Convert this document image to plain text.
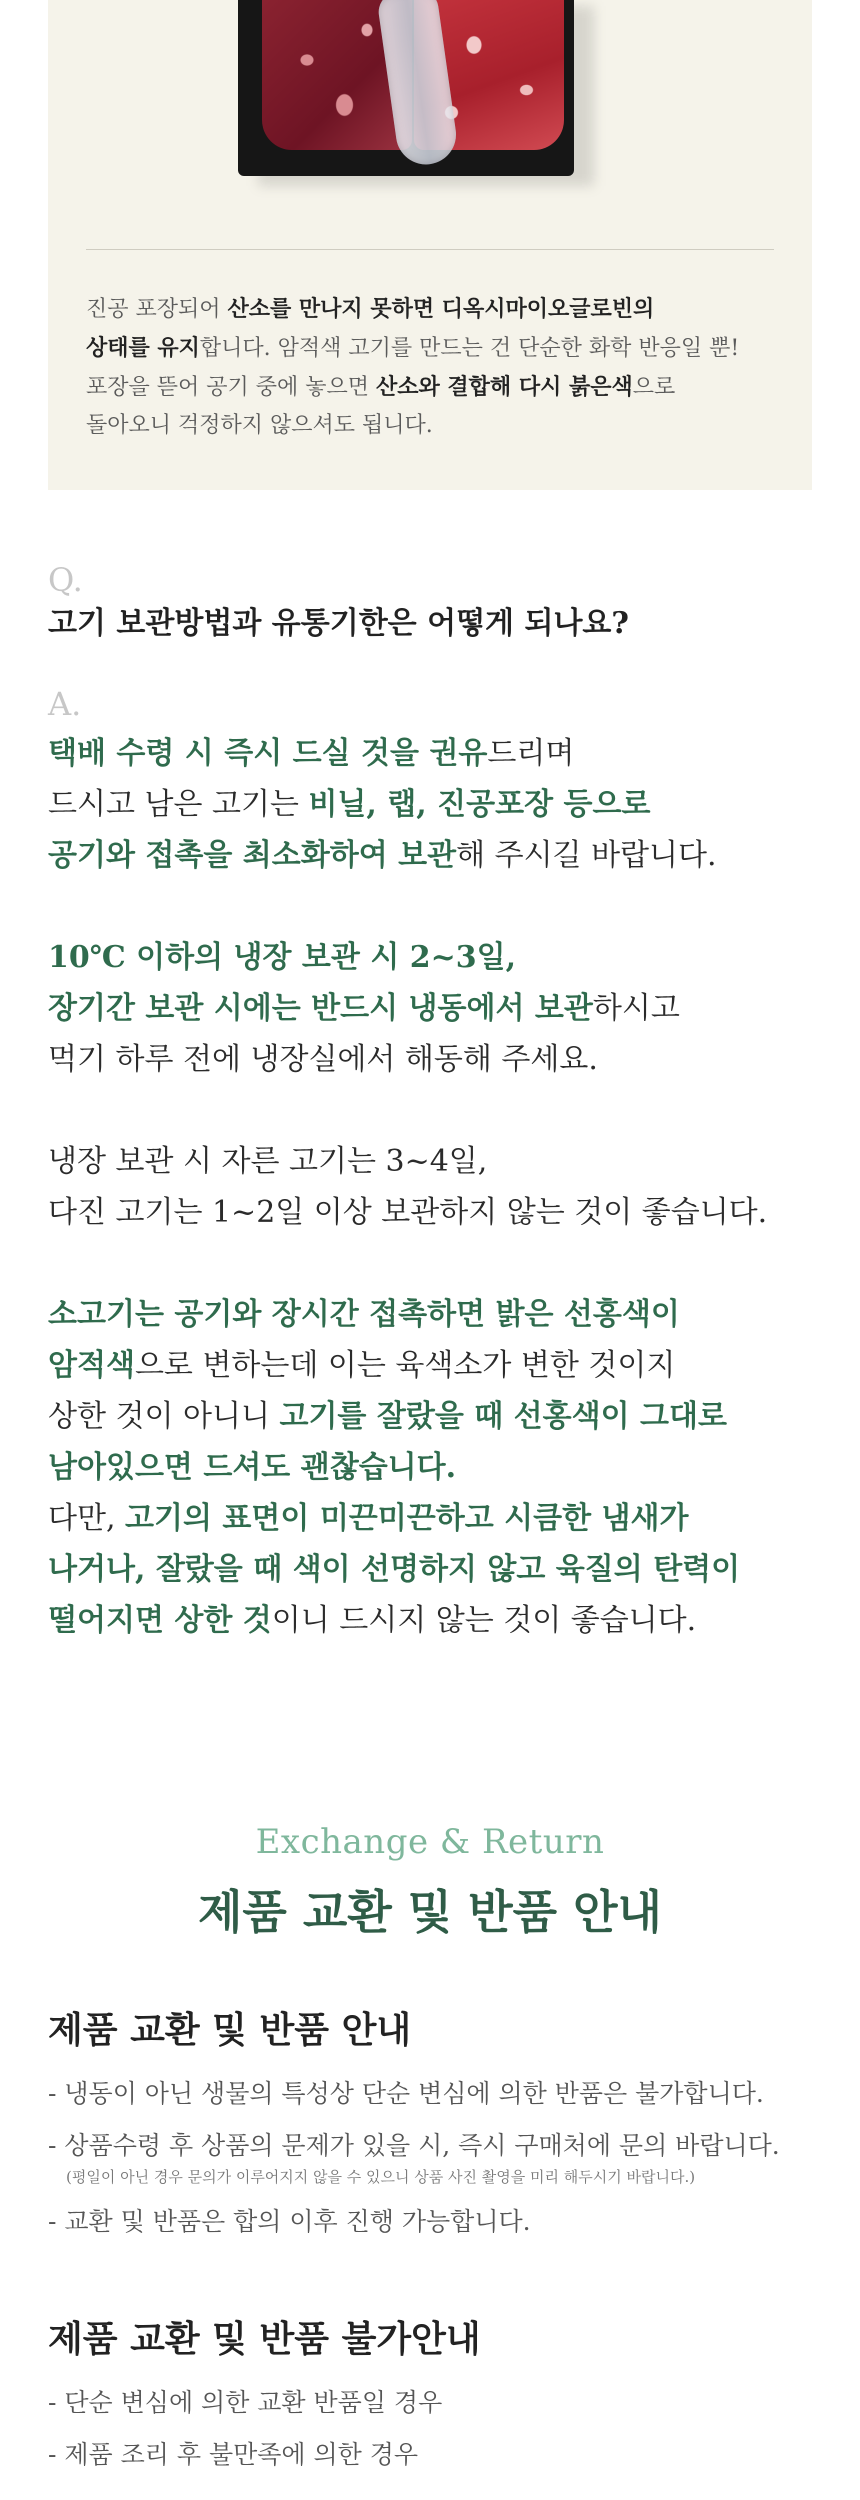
진공 포장되어 산소를 만나지 못하면 디옥시마이오글로빈의
상태를 유지합니다. 암적색 고기를 만드는 건 단순한 화학 반응일 뿐!
포장을 뜯어 공기 중에 놓으면 산소와 결합해 다시 붉은색으로
돌아오니 걱정하지 않으셔도 됩니다.
Q.
고기 보관방법과 유통기한은 어떻게 되나요?
A.
택배 수령 시 즉시 드실 것을 권유드리며
드시고 남은 고기는 비닐, 랩, 진공포장 등으로
공기와 접촉을 최소화하여 보관해 주시길 바랍니다.
10℃ 이하의 냉장 보관 시 2~3일,
장기간 보관 시에는 반드시 냉동에서 보관하시고
먹기 하루 전에 냉장실에서 해동해 주세요.
냉장 보관 시 자른 고기는 3~4일,
다진 고기는 1~2일 이상 보관하지 않는 것이 좋습니다.
소고기는 공기와 장시간 접촉하면 밝은 선홍색이
암적색으로 변하는데 이는 육색소가 변한 것이지
상한 것이 아니니 고기를 잘랐을 때 선홍색이 그대로
남아있으면 드셔도 괜찮습니다.
다만, 고기의 표면이 미끈미끈하고 시큼한 냄새가
나거나, 잘랐을 때 색이 선명하지 않고 육질의 탄력이
떨어지면 상한 것이니 드시지 않는 것이 좋습니다.
Exchange & Return
제품 교환 및 반품 안내
제품 교환 및 반품 안내
- 냉동이 아닌 생물의 특성상 단순 변심에 의한 반품은 불가합니다.
- 상품수령 후 상품의 문제가 있을 시, 즉시 구매처에 문의 바랍니다.
(평일이 아닌 경우 문의가 이루어지지 않을 수 있으니 상품 사진 촬영을 미리 해두시기 바랍니다.)
- 교환 및 반품은 합의 이후 진행 가능합니다.
제품 교환 및 반품 불가안내
- 단순 변심에 의한 교환 반품일 경우
- 제품 조리 후 불만족에 의한 경우
